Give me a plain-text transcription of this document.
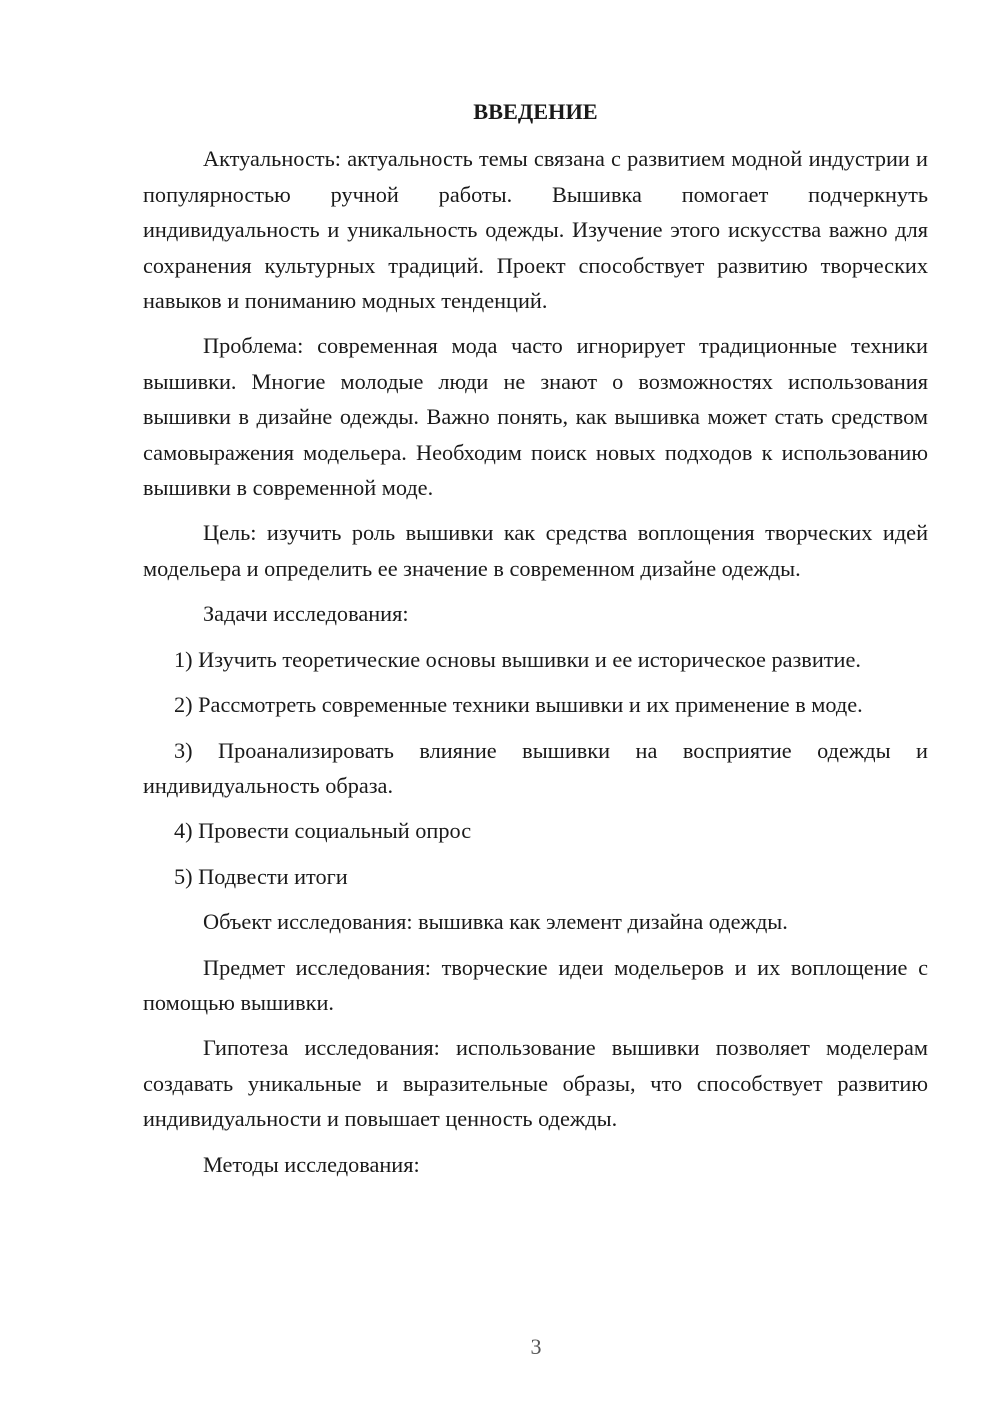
ВВЕДЕНИЕ

Актуальность: актуальность темы связана с развитием модной индустрии и популярностью ручной работы. Вышивка помогает подчеркнуть индивидуальность и уникальность одежды. Изучение этого искусства важно для сохранения культурных традиций. Проект способствует развитию творческих навыков и пониманию модных тенденций.

Проблема: современная мода часто игнорирует традиционные техники вышивки. Многие молодые люди не знают о возможностях использования вышивки в дизайне одежды. Важно понять, как вышивка может стать средством самовыражения модельера. Необходим поиск новых подходов к использованию вышивки в современной моде.

Цель: изучить роль вышивки как средства воплощения творческих идей модельера и определить ее значение в современном дизайне одежды.

Задачи исследования:

1) Изучить теоретические основы вышивки и ее историческое развитие.

2) Рассмотреть современные техники вышивки и их применение в моде.

3) Проанализировать влияние вышивки на восприятие одежды и индивидуальность образа.

4) Провести социальный опрос

5) Подвести итоги

Объект исследования: вышивка как элемент дизайна одежды.

Предмет исследования: творческие идеи модельеров и их воплощение с помощью вышивки.

Гипотеза исследования: использование вышивки позволяет моделерам создавать уникальные и выразительные образы, что способствует развитию индивидуальности и повышает ценность одежды.

Методы исследования:

3
